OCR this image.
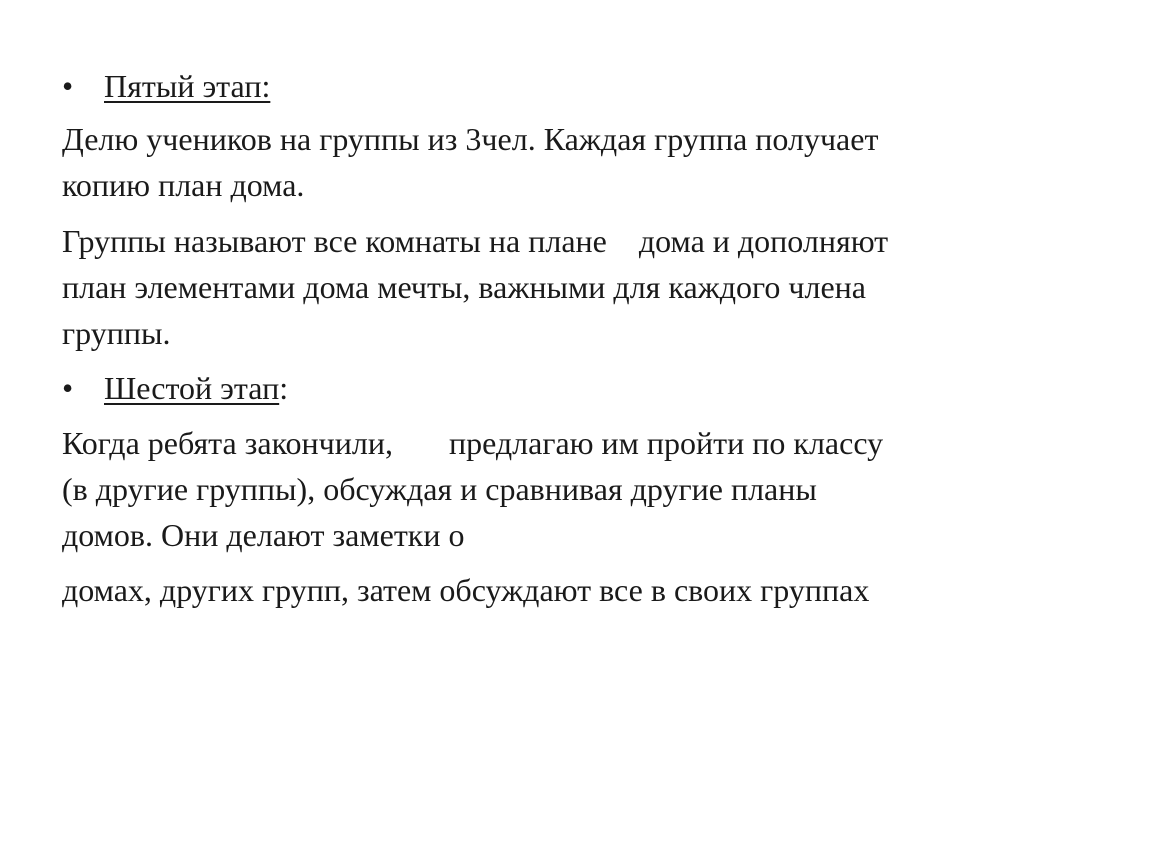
• Пятый этап:
Делю учеников на группы из 3чел. Каждая группа получает
копию план дома.
Группы называют все комнаты на плане    дома и дополняют
план элементами дома мечты, важными для каждого члена
группы.
• Шестой этап:
Когда ребята закончили,       предлагаю им пройти по классу
(в другие группы), обсуждая и сравнивая другие планы
домов. Они делают заметки о
домах, других групп, затем обсуждают все в своих группах
